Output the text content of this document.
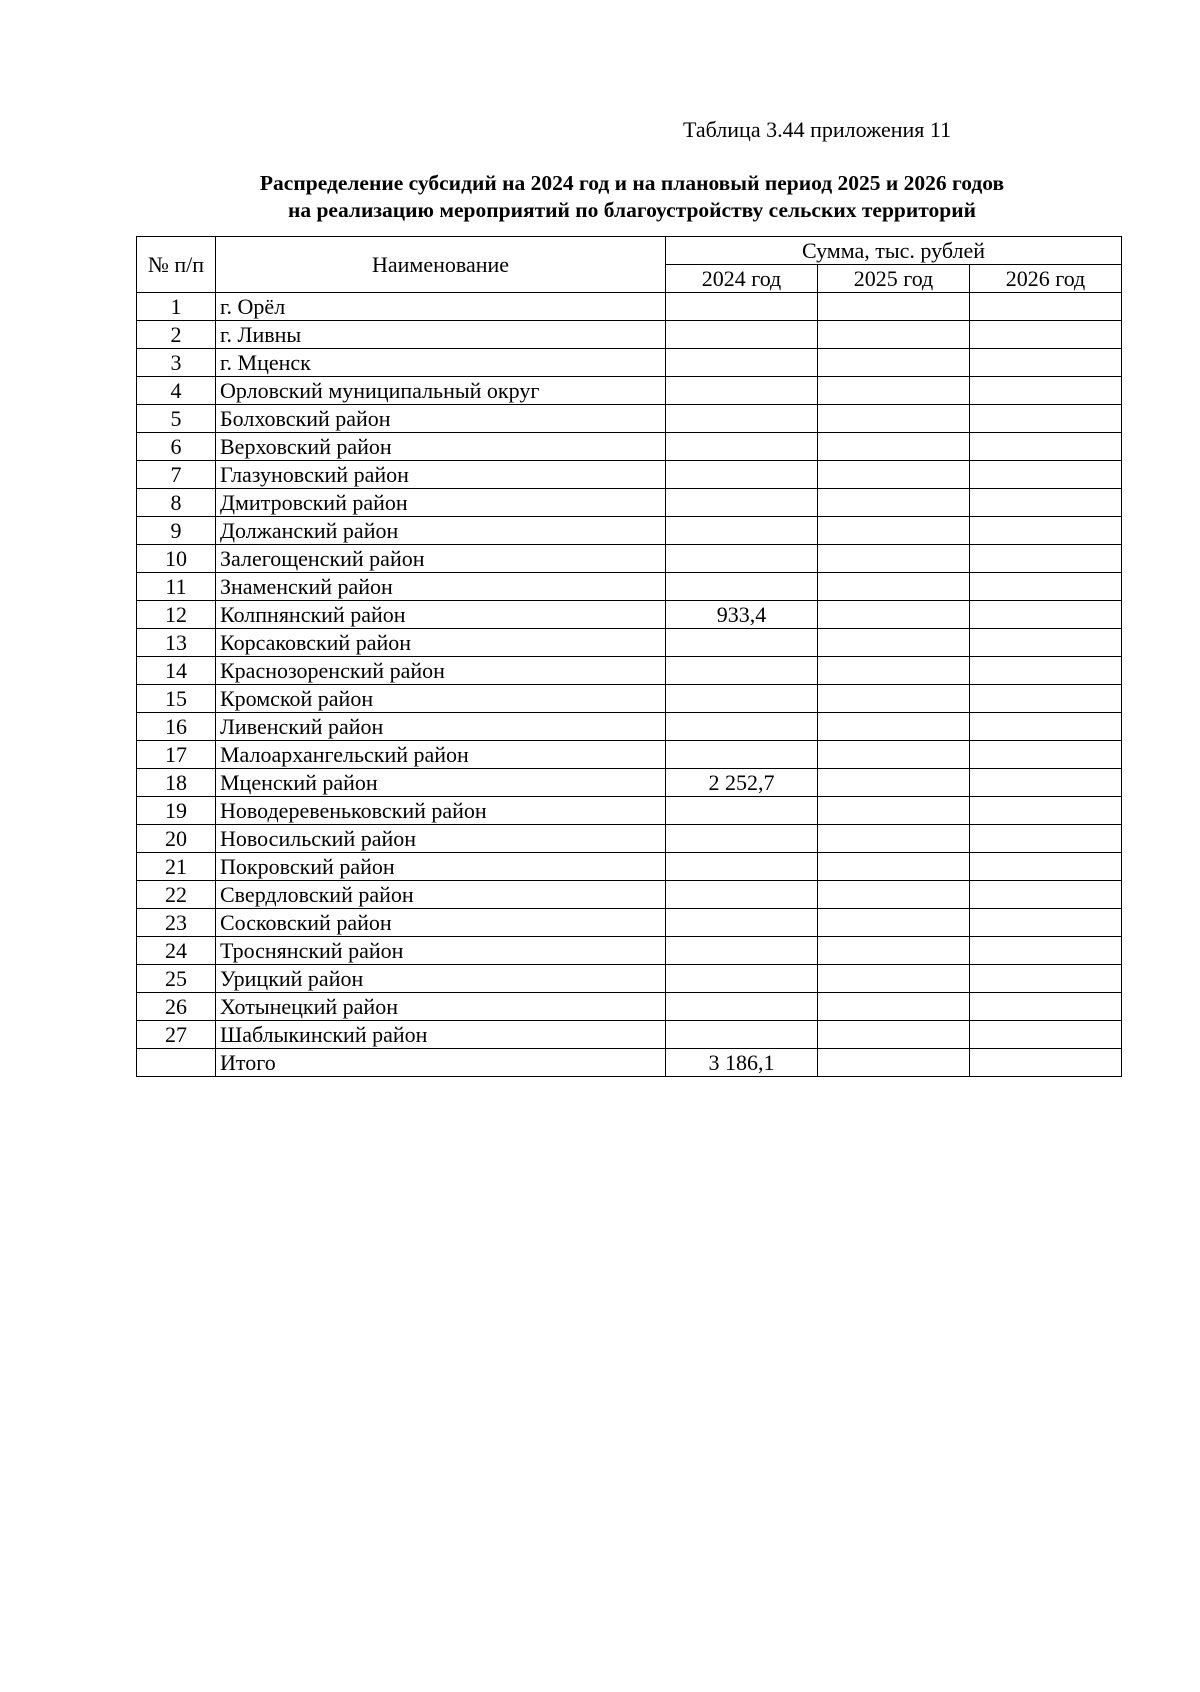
Таблица 3.44 приложения 11
Распределение субсидий на 2024 год и на плановый период 2025 и 2026 годов
на реализацию мероприятий по благоустройству сельских территорий
№ п/п	Наименование	Сумма, тыс. рублей		
		2024 год	2025 год	2026 год
1	г. Орёл			
2	г. Ливны			
3	г. Мценск			
4	Орловский муниципальный округ			
5	Болховский район			
6	Верховский район			
7	Глазуновский район			
8	Дмитровский район			
9	Должанский район			
10	Залегощенский район			
11	Знаменский район			
12	Колпнянский район	933,4		
13	Корсаковский район			
14	Краснозоренский район			
15	Кромской район			
16	Ливенский район			
17	Малоархангельский район			
18	Мценский район	2 252,7		
19	Новодеревеньковский район			
20	Новосильский район			
21	Покровский район			
22	Свердловский район			
23	Сосковский район			
24	Троснянский район			
25	Урицкий район			
26	Хотынецкий район			
27	Шаблыкинский район			
	Итого	3 186,1		
